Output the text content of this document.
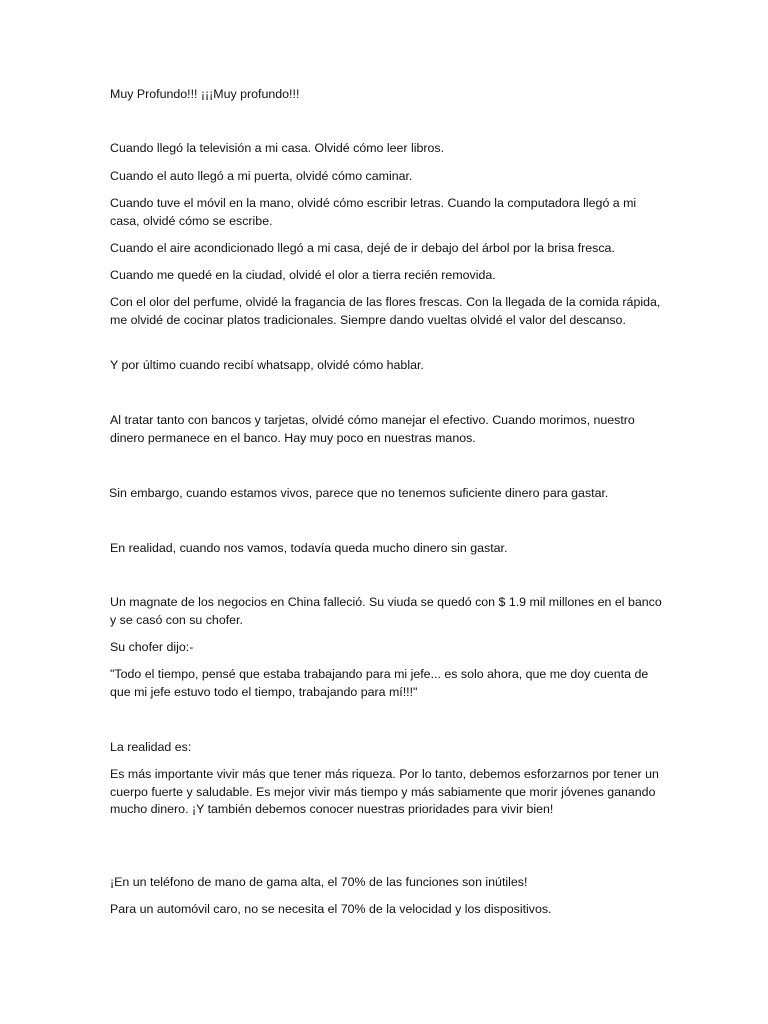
Muy Profundo!!! ¡¡¡Muy profundo!!!

Cuando llegó la televisión a mi casa. Olvidé cómo leer libros.

Cuando el auto llegó a mi puerta, olvidé cómo caminar.

Cuando tuve el móvil en la mano, olvidé cómo escribir letras. Cuando la computadora llegó a mi casa, olvidé cómo se escribe.

Cuando el aire acondicionado llegó a mi casa, dejé de ir debajo del árbol por la brisa fresca.

Cuando me quedé en la ciudad, olvidé el olor a tierra recién removida.

Con el olor del perfume, olvidé la fragancia de las flores frescas. Con la llegada de la comida rápida, me olvidé de cocinar platos tradicionales. Siempre dando vueltas olvidé el valor del descanso.

Y por último cuando recibí whatsapp, olvidé cómo hablar.

Al tratar tanto con bancos y tarjetas, olvidé cómo manejar el efectivo. Cuando morimos, nuestro dinero permanece en el banco. Hay muy poco en nuestras manos.

Sin embargo, cuando estamos vivos, parece que no tenemos suficiente dinero para gastar.

En realidad, cuando nos vamos, todavía queda mucho dinero sin gastar.

Un magnate de los negocios en China falleció. Su viuda se quedó con $ 1.9 mil millones en el banco y se casó con su chofer.

Su chofer dijo:-

"Todo el tiempo, pensé que estaba trabajando para mi jefe... es solo ahora, que me doy cuenta de que mi jefe estuvo todo el tiempo, trabajando para mí!!!"

La realidad es:

Es más importante vivir más que tener más riqueza. Por lo tanto, debemos esforzarnos por tener un cuerpo fuerte y saludable. Es mejor vivir más tiempo y más sabiamente que morir jóvenes ganando mucho dinero. ¡Y también debemos conocer nuestras prioridades para vivir bien!

¡En un teléfono de mano de gama alta, el 70% de las funciones son inútiles!

Para un automóvil caro, no se necesita el 70% de la velocidad y los dispositivos.
